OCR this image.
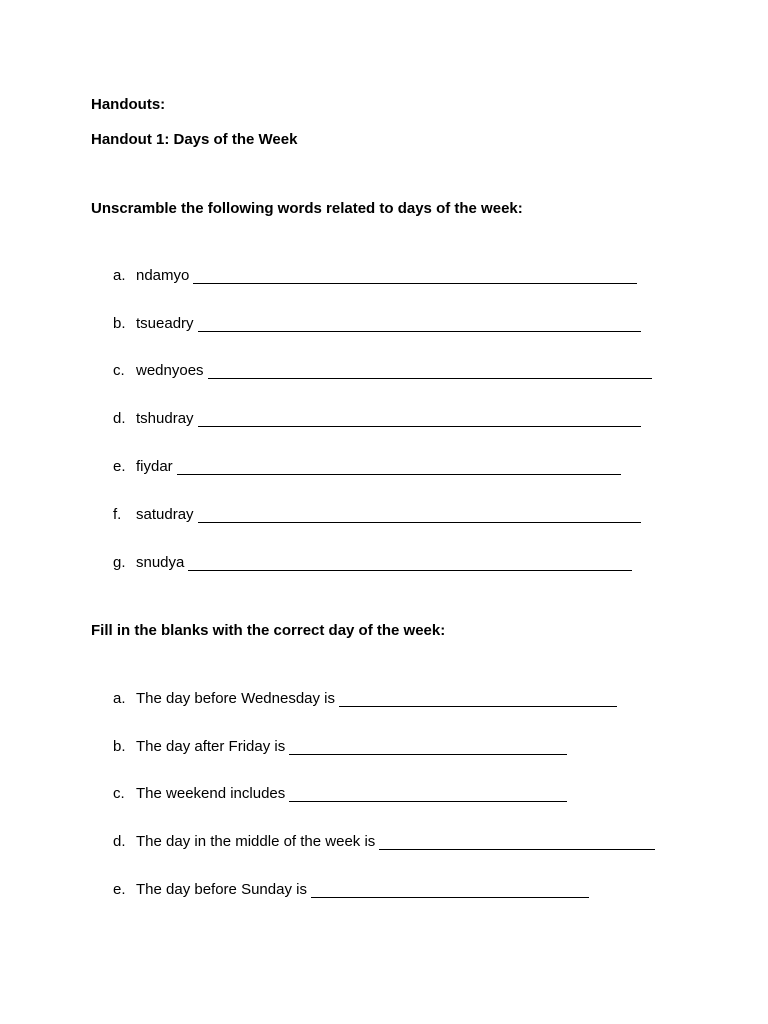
Handouts:
Handout 1: Days of the Week
Unscramble the following words related to days of the week:
a. ndamyo
b. tsueadry
c. wednyoes
d. tshudray
e. fiydar
f. satudray
g. snudya
Fill in the blanks with the correct day of the week:
a. The day before Wednesday is
b. The day after Friday is
c. The weekend includes
d. The day in the middle of the week is
e. The day before Sunday is
